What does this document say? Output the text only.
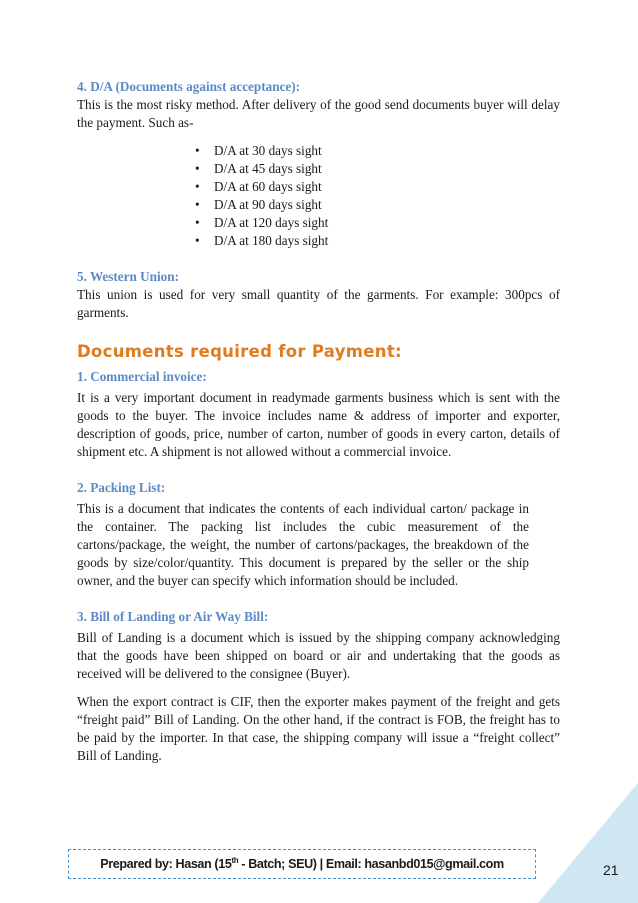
4. D/A (Documents against acceptance):

This is the most risky method. After delivery of the good send documents buyer will delay the payment. Such as-

• D/A at 30 days sight
• D/A at 45 days sight
• D/A at 60 days sight
• D/A at 90 days sight
• D/A at 120 days sight
• D/A at 180 days sight
5. Western Union:

This union is used for very small quantity of the garments. For example: 300pcs of garments.

Documents required for Payment:
1. Commercial invoice:

It is a very important document in readymade garments business which is sent with the goods to the buyer. The invoice includes name & address of importer and exporter, description of goods, price, number of carton, number of goods in every carton, details of shipment etc. A shipment is not allowed without a commercial invoice.

2. Packing List:

This is a document that indicates the contents of each individual carton/ package in the container. The packing list includes the cubic measurement of the cartons/package, the weight, the number of cartons/packages, the breakdown of the goods by size/color/quantity. This document is prepared by the seller or the ship owner, and the buyer can specify which information should be included.

3. Bill of Landing or Air Way Bill:

Bill of Landing is a document which is issued by the shipping company acknowledging that the goods have been shipped on board or air and undertaking that the goods as received will be delivered to the consignee (Buyer).

When the export contract is CIF, then the exporter makes payment of the freight and gets “freight paid” Bill of Landing. On the other hand, if the contract is FOB, the freight has to be paid by the importer. In that case, the shipping company will issue a “freight collect” Bill of Landing.

Prepared by: Hasan (15th - Batch; SEU) | Email: hasanbd015@gmail.com	21
